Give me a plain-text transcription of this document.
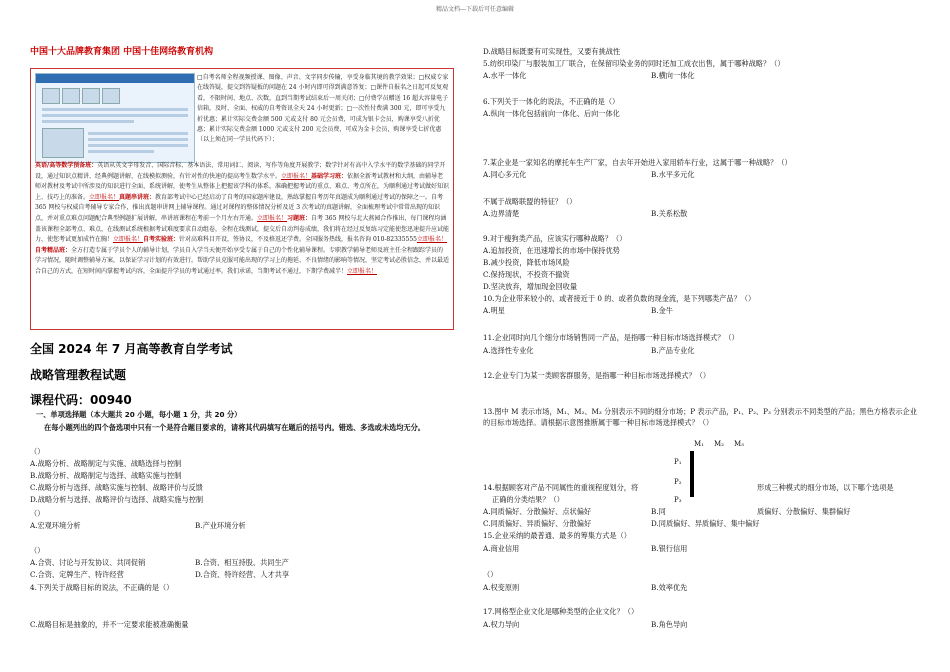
精品文档---下载后可任意编辑
中国十大品牌教育集团 中国十佳网络教育机构
□自考名师全程视频授课、图像、声音、文字同步传输，享受身临其境的教学效果；□权威专家在线答疑，提交到答疑板的问题在 24 小时内即可得到满意答复；□课件自报名之日起可反复观看，不限时间、地点、次数，直到当期考试结束后一周关闭；□付费学员赠送 16 超大容量电子信箱，及时、全面、权威的自考资讯全天 24 小时更新；□一次性付费满 300 元，即可享受九折优惠；累计实际交费金额 500 元或支付 80 元会员费，可成为银卡会员，购课享受八折优惠；累计实际交费金额 1000 元或支付 200 元会员费，可成为金卡会员，购课享受七折优惠（以上须在同一学员代码下）；
英语/高等数学预备班：英语从英文字母发音、国际音标、基本语法、常用词汇、阅读、写作等角度开展教学；数学针对有高中入学水平的数学基础的同学开设，通过知识点精讲、经典例题讲解、在线模拟测验，有针对性的快速的提高考生数学水平。立即报名！基础学习班：依据全新考试教材和大纲，由辅导老师对教材及考试中所涉及的知识进行全面、系统讲解，使考生从整体上把握该学科的体系，准确把握考试的重点、难点、考点所在，为顺利通过考试做好知识上、技巧上的准备。立即报名！真题串讲班：教育部考试中心已经启动了自考的国家题库建设，熟练掌握自考历年真题成为顺利通过考试的保障之一。自考 365 网校与权威自考辅导专家合作，推出真题串讲网上辅导课程。通过对课程的整体情况分析及近 3 次考试的真题讲解，全面梳理考试中常常出现的知识点，并对重点难点问题配合典型例题扩展讲解，串讲班课程在考前一个月左右开通。立即报名！习题班：自考 365 网校与北大燕园合作推出，每门课程均涵盖该课程全部考点、难点，在线测试系统根据考试难度要求自动组卷，全程在线测试，提交后自动判卷成绩，我们将在经过反复练习定能使您迅速提升应试能力，使您考试更加成竹在胸！立即报名！自考实验班：针对高难科目开设，签协议，不及格返还学费。全国服务热线，报名咨询 010-82335555立即报名！
自考精品班：全方打造专属于学员个人的辅导计划，学员自入学当天便开始享受专属于自己的个性化辅导课程。专职教学辅导老师及班主任全程跟踪学员的学习情况，随时调整辅导方案，以保证学习计划的有效进行。帮助学员克服可能出现的学习上的拖延、不良情绪的影响等情况，坚定考试必胜信念，并以最适合自己的方式，在短时间内掌握考试内容，全面提升学员的考试通过率。我们承诺，当期考试不通过，下期学费减半！立即报名！
全国 2024 年 7 月高等教育自学考试
战略管理教程试题
课程代码：00940
一、单项选择题（本大题共 20 小题，每小题 1 分，共 20 分）
在每小题列出的四个备选项中只有一个是符合题目要求的，请将其代码填写在题后的括号内。错选、多选或未选均无分。
（）
A.战略分析、战略制定与实施、战略选择与控制
B.战略分析、战略制定与选择、战略实施与控制
C.战略分析与选择、战略实施与控制、战略评价与反馈
D.战略分析与选择、战略评价与选择、战略实施与控制
（）
A.宏观环境分析	B.产业环境分析
（）
A.合资、讨论与开发协议、共同促销	B.合资、相互持股、共同生产
C.合资、定牌生产、特许经营	D.合资、特许经营、人才共享
4.下列关于战略目标的说法，不正确的是（）
C.战略目标是抽象的，并不一定要求能被准确衡量
D.战略目标既要有可实现性，又要有挑战性
5.纺织印染厂与服装加工厂联合，在保留印染业务的同时还加工成衣出售，属于哪种战略？（）
A.水平一体化	B.横向一体化
6.下列关于一体化的说法，不正确的是（）
A.纵向一体化包括前向一体化、后向一体化
7.某企业是一家知名的摩托车生产厂家，自去年开始进入家用轿车行业，这属于哪一种战略？（）
A.同心多元化	B.水平多元化
不属于战略联盟的特征？（）
A.边界清楚	B.关系松散
9.对于瘦狗类产品，应该实行哪种战略？（）
A.追加投资，在迅速增长的市场中保持优势
B.减少投资，降低市场风险
C.保持现状，不投资不撤资
D.坚决放弃，增加现金回收量
10.为企业带来较小的、或者接近于 0 的、或者负数的现金流，是下列哪类产品？（）
A.明星	B.金牛
11.企业同时向几个细分市场销售同一产品，是指哪一种目标市场选择模式？（）
A.选择性专业化	B.产品专业化
12.企业专门为某一类顾客群服务，是指哪一种目标市场选择模式？（）
13.图中 M 表示市场，M₁、M₂、M₃ 分别表示不同的细分市场；P 表示产品，P₁、P₂、P₃ 分别表示不同类型的产品；黑色方格表示企业的目标市场选择。请根据示意图推断属于哪一种目标市场选择模式？（）
M₁ M₂ M₃
P₁
P₂
P₃

14.根据顾客对产品不同属性的重视程度划分，将	形成三种模式的细分市场，以下哪个选项是
正确的分类结果？（）
A.同质偏好、分散偏好、点状偏好	B.同	质偏好、分散偏好、集群偏好
C.同质偏好、异质偏好、分散偏好	D.同质偏好、异质偏好、集中偏好
15.企业采纳的最普通、最多的筹集方式是（）
A.商业信用	B.银行信用
（）
A.权变原则	B.效率优先
17.网格型企业文化是哪种类型的企业文化？（）
A.权力导向	B.角色导向
